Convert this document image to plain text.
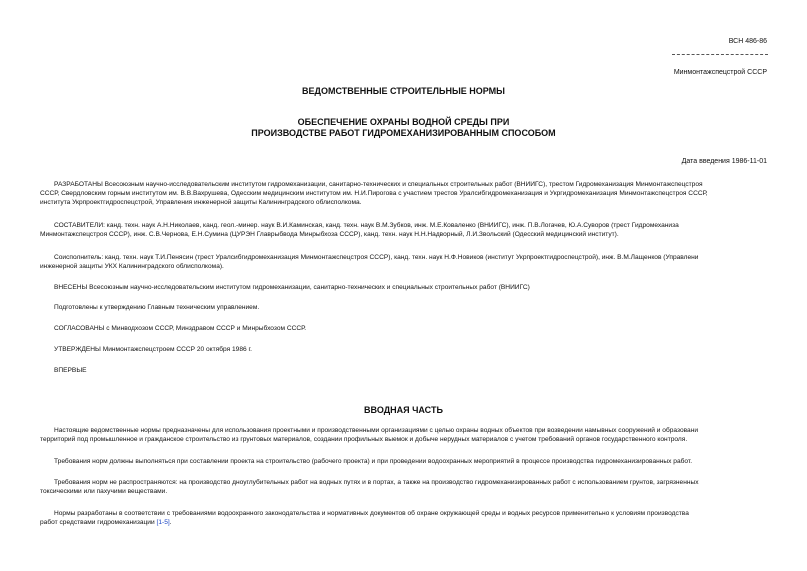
ВСН 486-86
Минмонтажспецстрой СССР
ВЕДОМСТВЕННЫЕ СТРОИТЕЛЬНЫЕ НОРМЫ
ОБЕСПЕЧЕНИЕ ОХРАНЫ ВОДНОЙ СРЕДЫ ПРИ
ПРОИЗВОДСТВЕ РАБОТ ГИДРОМЕХАНИЗИРОВАННЫМ СПОСОБОМ
Дата введения 1986-11-01
РАЗРАБОТАНЫ Всесоюзным научно-исследовательским институтом гидромеханизации, санитарно-технических и специальных строительных работ (ВНИИГС), трестом Гидромеханизация Минмонтажспецстроя
СССР, Свердловским горным институтом им. В.В.Вахрушева, Одесским медицинским институтом им. Н.И.Пирогова с участием трестов Уралсибгидромеханизация и Укргидромеханизация Минмонтажспецстроя СССР,
института Укрпроектгидроспецстрой, Управления инженерной защиты Калининградского облисполкома.
СОСТАВИТЕЛИ: канд. техн. наук А.Н.Николаев, канд. геол.-минер. наук В.И.Каминская, канд. техн. наук В.М.Зубков, инж. М.Е.Коваленко (ВНИИГС), инж. П.В.Логачев, Ю.А.Суворов (трест Гидромеханиза
Минмонтажспецстроя СССР), инж. С.В.Чернова, Е.Н.Сумина (ЦУРЭН Главрыбвода Минрыбхоза СССР), канд. техн. наук Н.Н.Надворный, Л.И.Звольский (Одесский медицинский институт).
Соисполнитель: канд. техн. наук Т.И.Пенясин (трест Уралсибгидромеханизация Минмонтажспецстроя СССР), канд. техн. наук Н.Ф.Новиков (институт Укрпроектгидроспецстрой), инж. В.М.Лащенков (Управлени
инженерной защиты УКХ Калининградского облисполкома).
ВНЕСЕНЫ Всесоюзным научно-исследовательским институтом гидромеханизации, санитарно-технических и специальных строительных работ (ВНИИГС)
Подготовлены к утверждению Главным техническим управлением.
СОГЛАСОВАНЫ с Минводхозом СССР, Минздравом СССР и Минрыбхозом СССР.
УТВЕРЖДЕНЫ Минмонтажспецстроем СССР 20 октября 1986 г.
ВПЕРВЫЕ
ВВОДНАЯ ЧАСТЬ
Настоящие ведомственные нормы предназначены для использования проектными и производственными организациями с целью охраны водных объектов при возведении намывных сооружений и образовани
территорий под промышленное и гражданское строительство из грунтовых материалов, создании профильных выемок и добыче нерудных материалов с учетом требований органов государственного контроля.
Требования норм должны выполняться при составлении проекта на строительство (рабочего проекта) и при проведении водоохранных мероприятий в процессе производства гидромеханизированных работ.
Требования норм не распространяются: на производство дноуглубительных работ на водных путях и в портах, а также на производство гидромеханизированных работ с использованием грунтов, загрязненных
токсическими или пахучими веществами.
Нормы разработаны в соответствии с требованиями водоохранного законодательства и нормативных документов об охране окружающей среды и водных ресурсов применительно к условиям производства
работ средствами гидромеханизации [1-5].
